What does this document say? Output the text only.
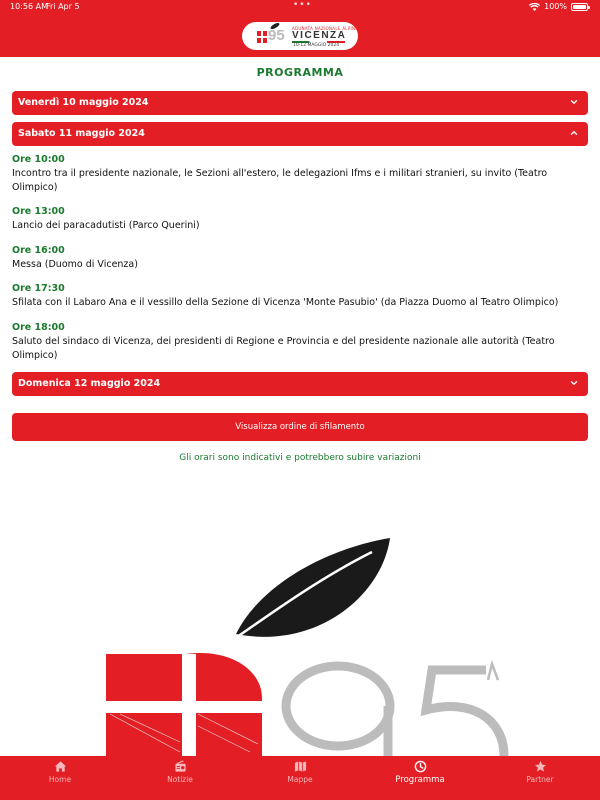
10:56 AM
Fri Apr 5	•••	100%
95 ADUNATA NAZIONALE ALPINI
VICENZA
10-12 MAGGIO 2024
PROGRAMMA
Venerdì 10 maggio 2024
Sabato 11 maggio 2024
Ore 10:00
Incontro tra il presidente nazionale, le Sezioni all'estero, le delegazioni Ifms e i militari stranieri, su invito (Teatro Olimpico)
Ore 13:00
Lancio dei paracadutisti (Parco Querini)
Ore 16:00
Messa (Duomo di Vicenza)
Ore 17:30
Sfilata con il Labaro Ana e il vessillo della Sezione di Vicenza 'Monte Pasubio' (da Piazza Duomo al Teatro Olimpico)
Ore 18:00
Saluto del sindaco di Vicenza, dei presidenti di Regione e Provincia e del presidente nazionale alle autorità (Teatro Olimpico)
Domenica 12 maggio 2024
Visualizza ordine di sfilamento
Gli orari sono indicativi e potrebbero subire variazioni
Home	Notizie	Mappe	Programma	Partner
